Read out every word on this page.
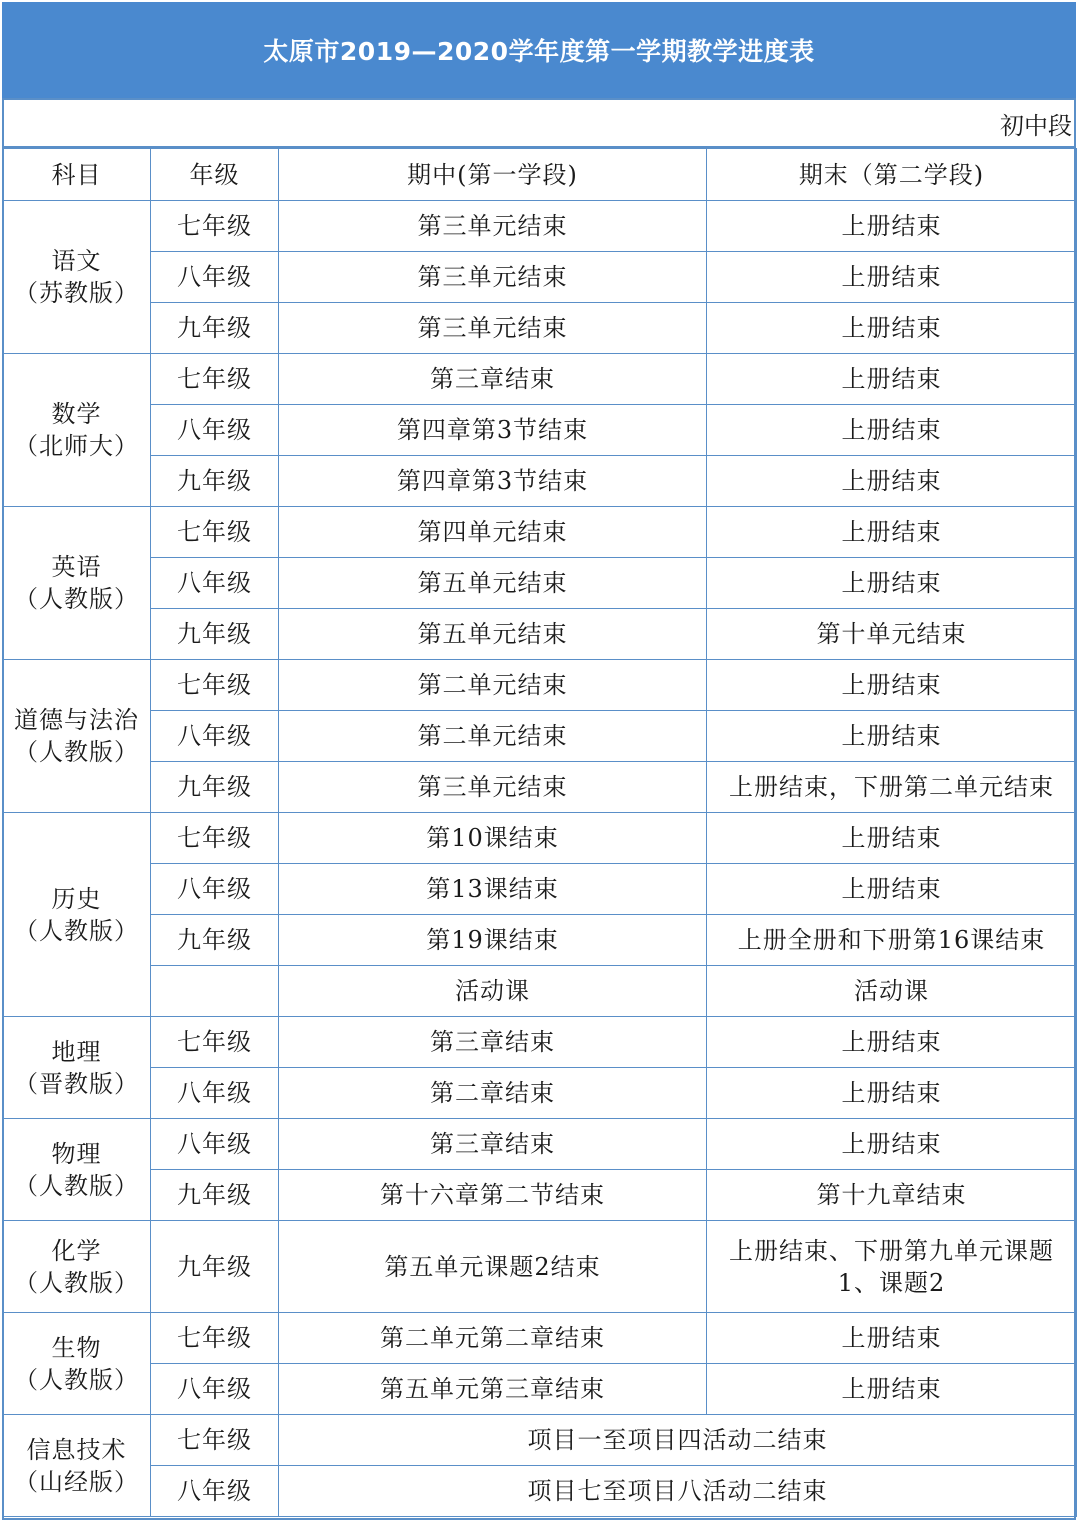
太原市2019—2020学年度第一学期教学进度表
初中段
科目	年级	期中(第一学段)	期末（第二学段)

语文
（苏教版）	七年级	第三单元结束	上册结束
	八年级	第三单元结束	上册结束
	九年级	第三单元结束	上册结束

数学
（北师大）	七年级	第三章结束	上册结束
	八年级	第四章第3节结束	上册结束
	九年级	第四章第3节结束	上册结束

英语
（人教版）	七年级	第四单元结束	上册结束
	八年级	第五单元结束	上册结束
	九年级	第五单元结束	第十单元结束

道德与法治
（人教版）	七年级	第二单元结束	上册结束
	八年级	第二单元结束	上册结束
	九年级	第三单元结束	上册结束，下册第二单元结束

历史
（人教版）	七年级	第10课结束	上册结束
	八年级	第13课结束	上册结束
	九年级	第19课结束	上册全册和下册第16课结束
		活动课	活动课

地理
（晋教版）	七年级	第三章结束	上册结束
	八年级	第二章结束	上册结束

物理
（人教版）	八年级	第三章结束	上册结束
	九年级	第十六章第二节结束	第十九章结束

化学
（人教版）	九年级	第五单元课题2结束	上册结束、下册第九单元课题
1、课题2

生物
（人教版）	七年级	第二单元第二章结束	上册结束
	八年级	第五单元第三章结束	上册结束

信息技术
（山经版）	七年级	项目一至项目四活动二结束	
	八年级	项目七至项目八活动二结束	
